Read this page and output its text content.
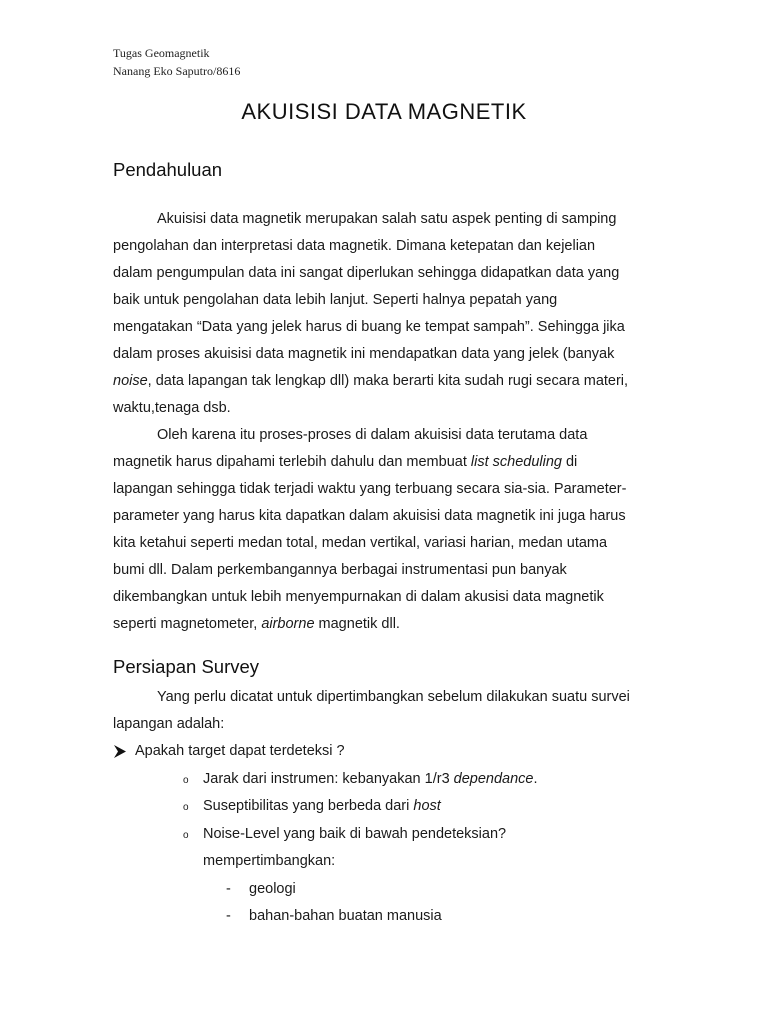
Tugas Geomagnetik
Nanang Eko Saputro/8616
AKUISISI DATA MAGNETIK
Pendahuluan
Akuisisi data magnetik merupakan salah satu aspek penting di samping
pengolahan dan interpretasi data magnetik. Dimana ketepatan dan kejelian
dalam pengumpulan data ini sangat diperlukan sehingga didapatkan data yang
baik untuk pengolahan data lebih lanjut. Seperti halnya pepatah yang
mengatakan “Data yang jelek harus di buang ke tempat sampah”. Sehingga jika
dalam proses akuisisi data magnetik ini mendapatkan data yang jelek (banyak
noise, data lapangan tak lengkap dll) maka berarti kita sudah rugi secara materi,
waktu,tenaga dsb.
Oleh karena itu proses-proses di dalam akuisisi data terutama data
magnetik harus dipahami terlebih dahulu dan membuat list scheduling di
lapangan sehingga tidak terjadi waktu yang terbuang secara sia-sia. Parameter-
parameter yang harus kita dapatkan dalam akuisisi data magnetik ini juga harus
kita ketahui seperti medan total, medan vertikal, variasi harian, medan utama
bumi dll. Dalam perkembangannya berbagai instrumentasi pun banyak
dikembangkan untuk lebih menyempurnakan di dalam akusisi data magnetik
seperti magnetometer, airborne magnetik dll.
Persiapan Survey
Yang perlu dicatat untuk dipertimbangkan sebelum dilakukan suatu survei
lapangan adalah:
Apakah target dapat terdeteksi ?
o Jarak dari instrumen: kebanyakan 1/r3 dependance.
o Suseptibilitas yang berbeda dari host
o Noise-Level yang baik di bawah pendeteksian?
mempertimbangkan:
- geologi
- bahan-bahan buatan manusia
